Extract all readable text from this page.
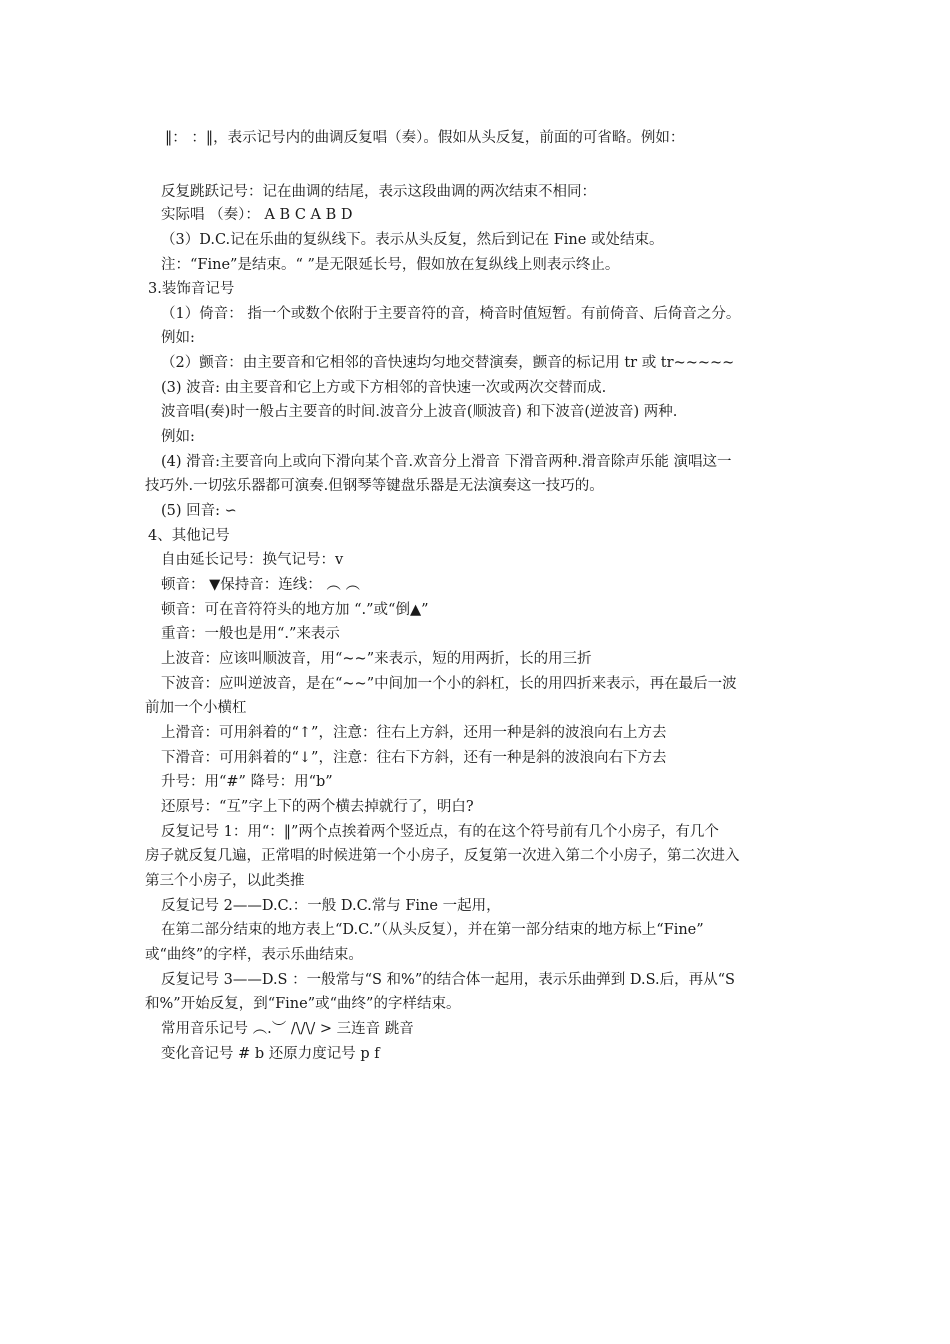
‖： ：‖，表示记号内的曲调反复唱（奏）。假如从头反复，前面的可省略。例如：
反复跳跃记号：记在曲调的结尾，表示这段曲调的两次结束不相同：
实际唱 （奏）： A B C A B D
（3）D.C.记在乐曲的复纵线下。表示从头反复，然后到记在 Fine 或处结束。
注：“Fine”是结束。“ ”是无限延长号，假如放在复纵线上则表示终止。
3.装饰音记号
（1）倚音： 指一个或数个依附于主要音符的音，椅音时值短暂。有前倚音、后倚音之分。
例如:
（2）颤音：由主要音和它相邻的音快速均匀地交替演奏，颤音的标记用 tr 或 tr~~~~~
(3) 波音: 由主要音和它上方或下方相邻的音快速一次或两次交替而成.
波音唱(奏)时一般占主要音的时间.波音分上波音(顺波音) 和下波音(逆波音) 两种.
例如:
(4) 滑音:主要音向上或向下滑向某个音.欢音分上滑音 下滑音两种.滑音除声乐能 演唱这一
技巧外.一切弦乐器都可演奏.但钢琴等键盘乐器是无法演奏这一技巧的。
(5) 回音: ∽
4、其他记号
自由延长记号：换气记号：v
顿音： ▼保持音：连线： ︵ ︵
顿音：可在音符符头的地方加 “.”或“倒▲”
重音：一般也是用“.”来表示
上波音：应该叫顺波音，用“~~”来表示，短的用两折，长的用三折
下波音：应叫逆波音，是在“~~”中间加一个小的斜杠，长的用四折来表示，再在最后一波
前加一个小横杠
上滑音：可用斜着的“↑”，注意：往右上方斜，还用一种是斜的波浪向右上方去
下滑音：可用斜着的“↓”，注意：往右下方斜，还有一种是斜的波浪向右下方去
升号：用“#” 降号：用“b”
还原号：“互”字上下的两个横去掉就行了，明白?
反复记号 1：用“：‖”两个点挨着两个竖近点，有的在这个符号前有几个小房子，有几个
房子就反复几遍，正常唱的时候进第一个小房子，反复第一次进入第二个小房子，第二次进入
第三个小房子，以此类推
反复记号 2——D.C.：一般 D.C.常与 Fine 一起用，
在第二部分结束的地方表上“D.C.”（从头反复），并在第一部分结束的地方标上“Fine”
或“曲终”的字样，表示乐曲结束。
反复记号 3——D.S ：一般常与“S 和%”的结合体一起用，表示乐曲弹到 D.S.后，再从“S
和%”开始反复，到“Fine”或“曲终”的字样结束。
常用音乐记号 ︵.︶ /\/\/ > 三连音 跳音
变化音记号 # b 还原力度记号 p f
